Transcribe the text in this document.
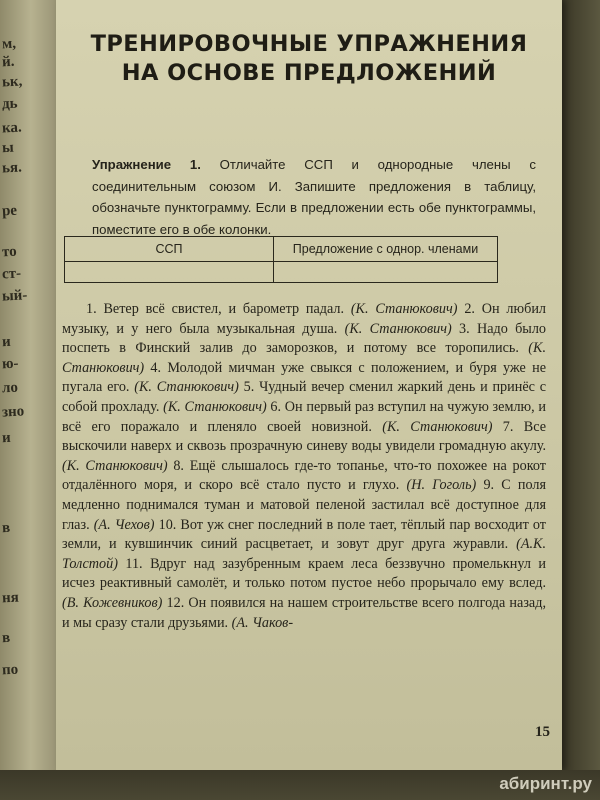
м,
й.
ьк,
дь
ка.
ы
ья.
ре
то
ст-
ый-
и
ю-
ло
зно
и
в
ня
в
по
ТРЕНИРОВОЧНЫЕ УПРАЖНЕНИЯ
НА ОСНОВЕ ПРЕДЛОЖЕНИЙ
Упражнение 1. Отличайте ССП и однородные члены с соединительным союзом И. Запишите предложения в таблицу, обозначьте пунктограмму. Если в предложении есть обе пунктограммы, поместите его в обе колонки.
ССП	Предложение с однор. членами

1. Ветер всё свистел, и барометр падал. (К. Станюкович) 2. Он любил музыку, и у него была музыкальная душа. (К. Станюкович) 3. Надо было поспеть в Финский залив до заморозков, и потому все торопились. (К. Станюкович) 4. Молодой мичман уже свыкся с положением, и буря уже не пугала его. (К. Станюкович) 5. Чудный вечер сменил жаркий день и принёс с собой прохладу. (К. Станюкович) 6. Он первый раз вступил на чужую землю, и всё его поражало и пленяло своей новизной. (К. Станюкович) 7. Все выскочили наверх и сквозь прозрачную синеву воды увидели громадную акулу. (К. Станюкович) 8. Ещё слышалось где-то топанье, что-то похожее на рокот отдалённого моря, и скоро всё стало пусто и глухо. (Н. Гоголь) 9. С поля медленно поднимался туман и матовой пеленой застилал всё доступное для глаз. (А. Чехов) 10. Вот уж снег последний в поле тает, тёплый пар восходит от земли, и кувшинчик синий расцветает, и зовут друг друга журавли. (А.К. Толстой) 11. Вдруг над зазубренным краем леса беззвучно промелькнул и исчез реактивный самолёт, и только потом пустое небо прорычало ему вслед. (В. Кожевников) 12. Он появился на нашем строительстве всего полгода назад, и мы сразу стали друзьями. (А. Чаков-
15
абиринт.ру
